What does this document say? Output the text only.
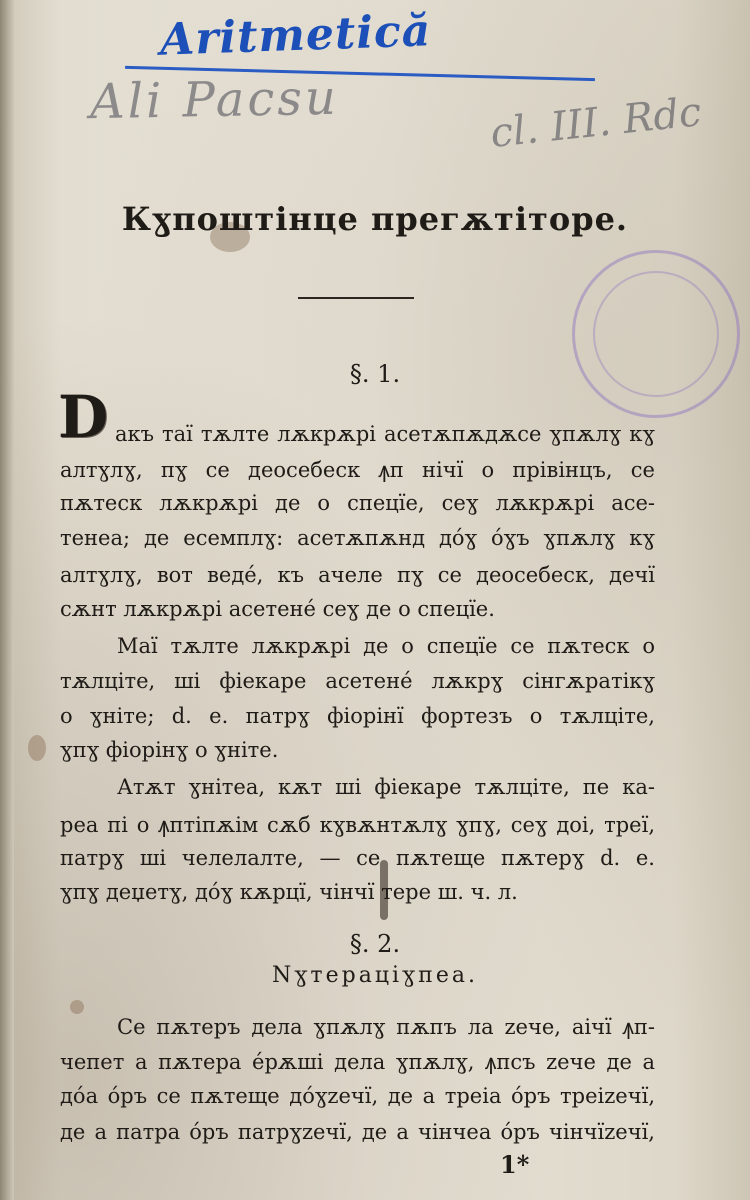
Aritmetică
Ali Pacsu	cl. III. Rdc
Кɣпоштінце прегѫтіторе.

§. 1.

D акъ таї тѫлте лѫкрѫрі асетѫпѫдѫсе ɣпѫлɣ кɣ

алтɣлɣ, пɣ се деосебеск ꙟп нічї о прівінцъ, се

пѫтеск лѫкрѫрі де о спецїе, сеɣ лѫкрѫрі асе-

тенеа; де есемплɣ: асетѫпѫнд дóɣ óɣъ ɣпѫлɣ кɣ

алтɣлɣ, вот ведé, къ ачеле пɣ се деосебеск, дечї

сѫнт лѫкрѫрі асетенé сеɣ де о спецїе.

Маї тѫлте лѫкрѫрі де о спецїе се пѫтеск о

тѫлціте, ші фіекаре асетенé лѫкрɣ сінгѫратікɣ

о ɣніте; d. е. патрɣ фіорінї фортезъ о тѫлціте,

ɣпɣ фіорінɣ о ɣніте.

Атѫт ɣнітеа, кѫт ші фіекаре тѫлціте, пе ка-

реа пі о ꙟптіпѫім сѫб кɣвѫнтѫлɣ ɣпɣ, сеɣ доі, треї,

патрɣ ші челелалте, — се пѫтеще пѫтерɣ d. е.

ɣпɣ деџетɣ, дóɣ кѫрцї, чінчї тере ш. ч. л.

§. 2.

Nɣтераціɣпеа.

Се пѫтеръ дела ɣпѫлɣ пѫпъ ла zече, аічї ꙟп-

чепет а пѫтера éрѫші дела ɣпѫлɣ, ꙟпсъ zече де а

дóа óръ се пѫтеще дóɣzечї, де а треіа óръ треіzечї,

де а патра óръ патрɣzечї, де а чінчеа óръ чінчїzечї,

1*
